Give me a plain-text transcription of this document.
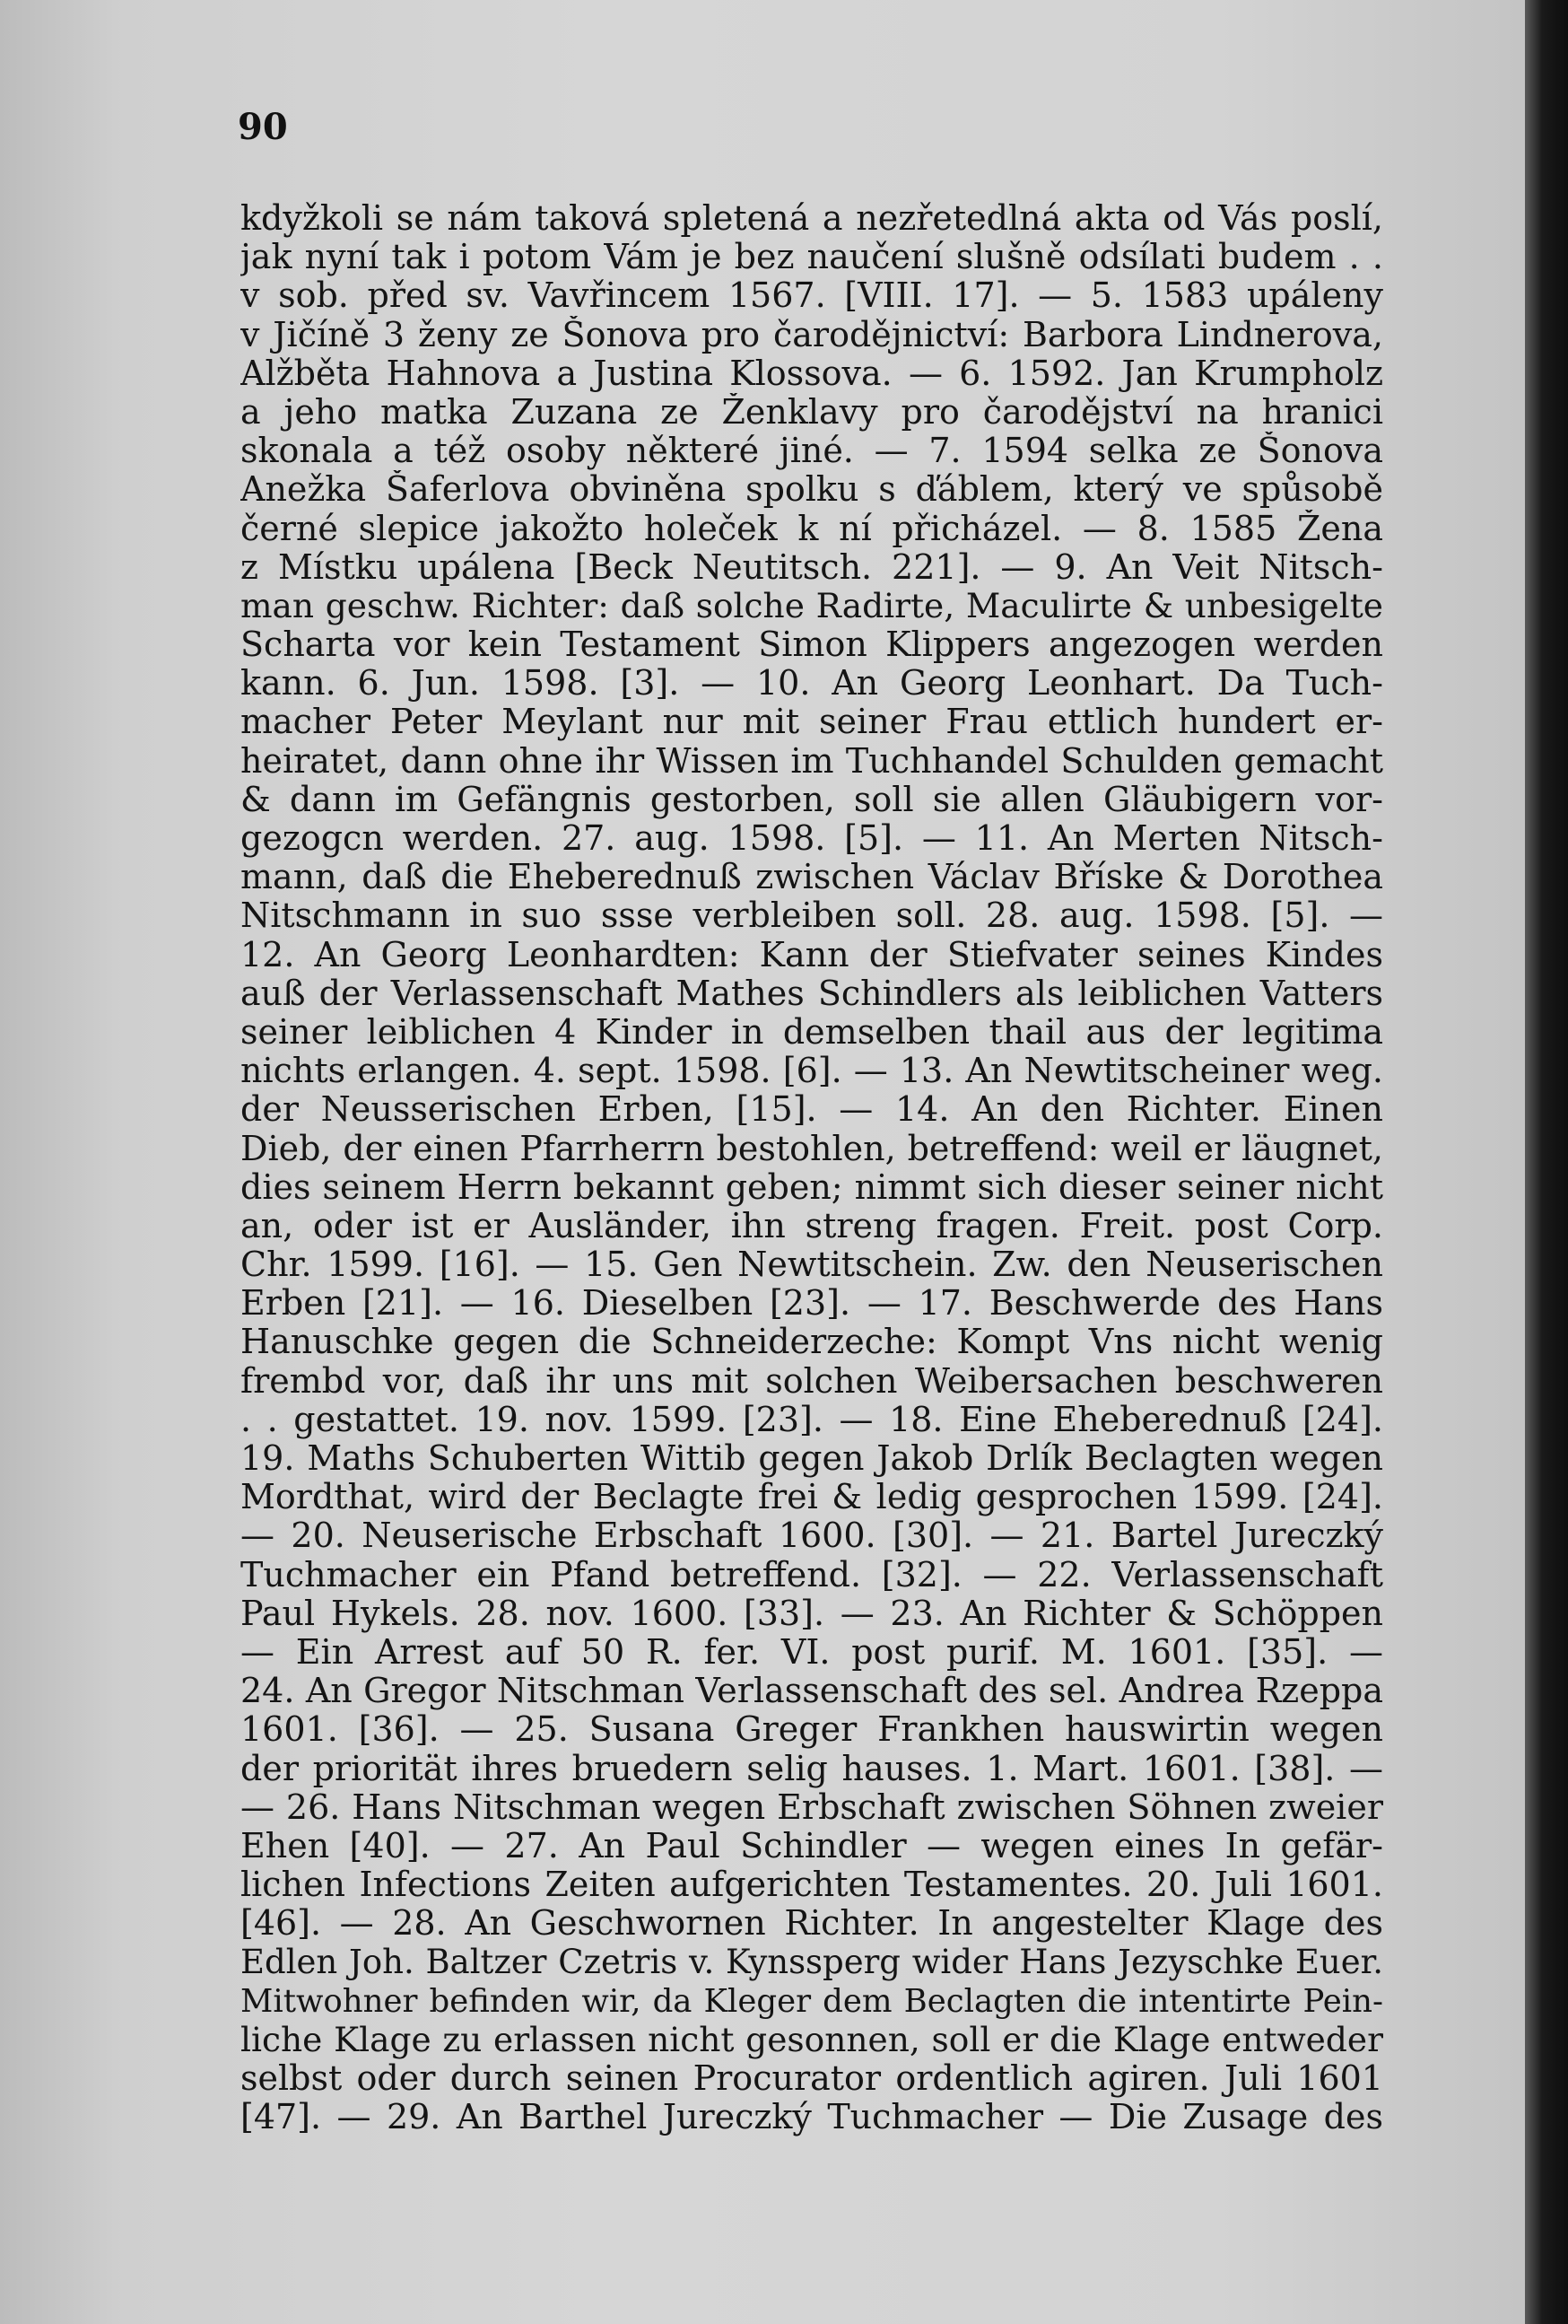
90
kdyžkoli se nám taková spletená a nezřetedlná akta od Vás poslí,
jak nyní tak i potom Vám je bez naučení slušně odsílati budem . .
v sob. před sv. Vavřincem 1567. [VIII. 17]. — 5. 1583 upáleny
v Jičíně 3 ženy ze Šonova pro čarodějnictví: Barbora Lindnerova,
Alžběta Hahnova a Justina Klossova. — 6. 1592. Jan Krumpholz
a jeho matka Zuzana ze Ženklavy pro čarodějství na hranici
skonala a též osoby některé jiné. — 7. 1594 selka ze Šonova
Anežka Šaferlova obviněna spolku s ďáblem, který ve spůsobě
černé slepice jakožto holeček k ní přicházel. — 8. 1585 Žena
z Místku upálena [Beck Neutitsch. 221]. — 9. An Veit Nitsch-
man geschw. Richter: daß solche Radirte, Maculirte & unbesigelte
Scharta vor kein Testament Simon Klippers angezogen werden
kann. 6. Jun. 1598. [3]. — 10. An Georg Leonhart. Da Tuch-
macher Peter Meylant nur mit seiner Frau ettlich hundert er-
heiratet, dann ohne ihr Wissen im Tuchhandel Schulden gemacht
& dann im Gefängnis gestorben, soll sie allen Gläubigern vor-
gezogcn werden. 27. aug. 1598. [5]. — 11. An Merten Nitsch-
mann, daß die Eheberednuß zwischen Václav Bříske & Dorothea
Nitschmann in suo ssse verbleiben soll. 28. aug. 1598. [5]. —
12. An Georg Leonhardten: Kann der Stiefvater seines Kindes
auß der Verlassenschaft Mathes Schindlers als leiblichen Vatters
seiner leiblichen 4 Kinder in demselben thail aus der legitima
nichts erlangen. 4. sept. 1598. [6]. — 13. An Newtitscheiner weg.
der Neusserischen Erben, [15]. — 14. An den Richter. Einen
Dieb, der einen Pfarrherrn bestohlen, betreffend: weil er läugnet,
dies seinem Herrn bekannt geben; nimmt sich dieser seiner nicht
an, oder ist er Ausländer, ihn streng fragen. Freit. post Corp.
Chr. 1599. [16]. — 15. Gen Newtitschein. Zw. den Neuserischen
Erben [21]. — 16. Dieselben [23]. — 17. Beschwerde des Hans
Hanuschke gegen die Schneiderzeche: Kompt Vns nicht wenig
frembd vor, daß ihr uns mit solchen Weibersachen beschweren
. . gestattet. 19. nov. 1599. [23]. — 18. Eine Eheberednuß [24].
19. Maths Schuberten Wittib gegen Jakob Drlík Beclagten wegen
Mordthat, wird der Beclagte frei & ledig gesprochen 1599. [24].
— 20. Neuserische Erbschaft 1600. [30]. — 21. Bartel Jureczký
Tuchmacher ein Pfand betreffend. [32]. — 22. Verlassenschaft
Paul Hykels. 28. nov. 1600. [33]. — 23. An Richter & Schöppen
— Ein Arrest auf 50 R. fer. VI. post purif. M. 1601. [35]. —
24. An Gregor Nitschman Verlassenschaft des sel. Andrea Rzeppa
1601. [36]. — 25. Susana Greger Frankhen hauswirtin wegen
der priorität ihres bruedern selig hauses. 1. Mart. 1601. [38]. —
— 26. Hans Nitschman wegen Erbschaft zwischen Söhnen zweier
Ehen [40]. — 27. An Paul Schindler — wegen eines In gefär-
lichen Infections Zeiten aufgerichten Testamentes. 20. Juli 1601.
[46]. — 28. An Geschwornen Richter. In angestelter Klage des
Edlen Joh. Baltzer Czetris v. Kynssperg wider Hans Jezyschke Euer.
Mitwohner befinden wir, da Kleger dem Beclagten die intentirte Pein-
liche Klage zu erlassen nicht gesonnen, soll er die Klage entweder
selbst oder durch seinen Procurator ordentlich agiren. Juli 1601
[47]. — 29. An Barthel Jureczký Tuchmacher — Die Zusage des
